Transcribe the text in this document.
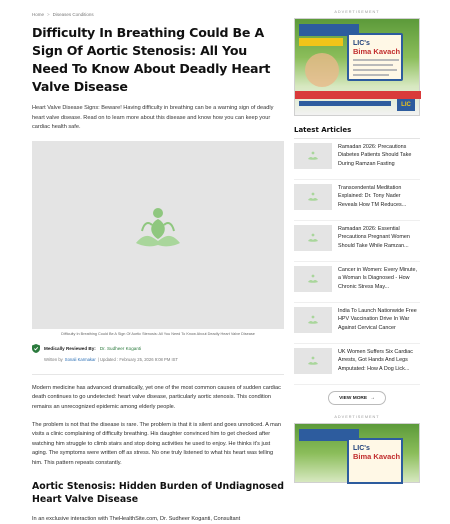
Home > Diseases Conditions
Difficulty In Breathing Could Be A Sign Of Aortic Stenosis: All You Need To Know About Deadly Heart Valve Disease

Heart Valve Disease Signs: Beware! Having difficulty in breathing can be a warning sign of deadly heart valve disease. Read on to learn more about this disease and know how you can keep your cardiac health safe.

Difficulty In Breathing Could Be A Sign Of Aortic Stenosis: All You Need To Know About Deadly Heart Valve Disease
Medically Reviewed By: Dr. Sudheer Koganti
Written by Sonali Karmakar | Updated : February 25, 2026 9:08 PM IST

Modern medicine has advanced dramatically, yet one of the most common causes of sudden cardiac death continues to go undetected: heart valve disease, particularly aortic stenosis. This condition remains an unrecognized epidemic among elderly people.

The problem is not that the disease is rare. The problem is that it is silent and goes unnoticed. A man visits a clinic complaining of difficulty breathing. His daughter convinced him to get checked after watching him struggle to climb stairs and stop doing activities he used to enjoy. He thinks it's just aging. The symptoms were written off as stress. No one truly listened to what his heart was telling him. This pattern repeats constantly.

Aortic Stenosis: Hidden Burden of Undiagnosed Heart Valve Disease

In an exclusive interaction with TheHealthSite.com, Dr. Sudheer Koganti, Consultant

ADVERTISEMENT
LIC's
Bima Kavach
LIC
Latest Articles
Ramadan 2026: Precautions Diabetes Patients Should Take During Ramzan Fasting
Transcendental Meditation Explained: Dr. Tony Nader Reveals How TM Reduces...
Ramadan 2026: Essential Precautions Pregnant Women Should Take While Ramzan...
Cancer in Women: Every Minute, a Woman Is Diagnosed - How Chronic Stress May...
India To Launch Nationwide Free HPV Vaccination Drive In War Against Cervical Cancer
UK Women Suffers Six Cardiac Arrests, Got Hands And Legs Amputated: How A Dog Lick...
VIEW MORE →
ADVERTISEMENT
LIC's
Bima Kavach
